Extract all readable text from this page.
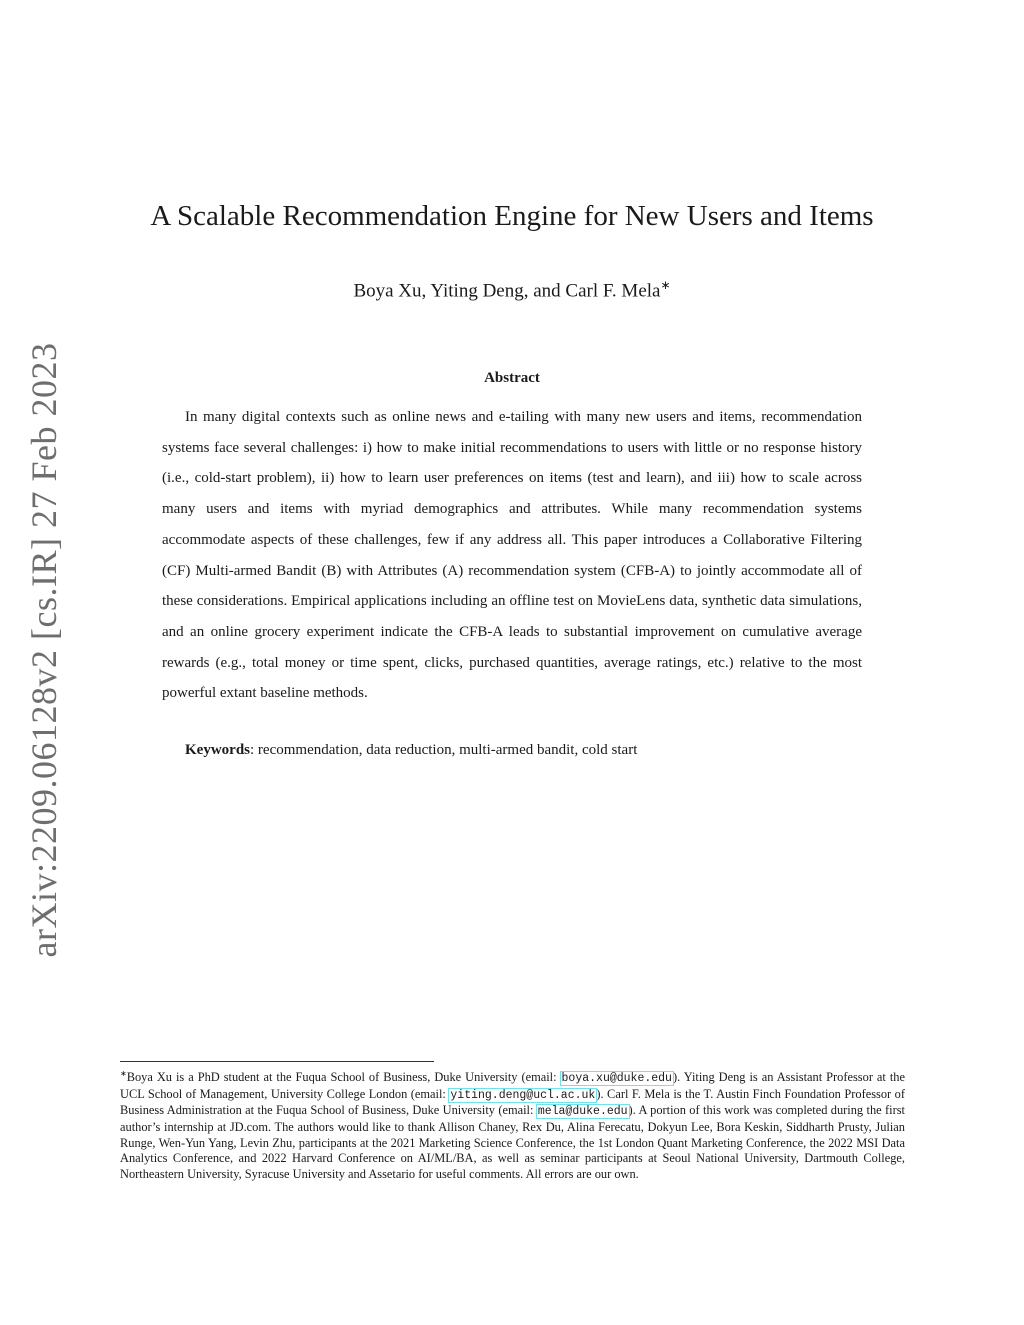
arXiv:2209.06128v2 [cs.IR] 27 Feb 2023
A Scalable Recommendation Engine for New Users and Items
Boya Xu, Yiting Deng, and Carl F. Mela∗
Abstract
In many digital contexts such as online news and e-tailing with many new users and items, recommendation systems face several challenges: i) how to make initial recommendations to users with little or no response history (i.e., cold-start problem), ii) how to learn user preferences on items (test and learn), and iii) how to scale across many users and items with myriad demographics and attributes. While many recommendation systems accommodate aspects of these challenges, few if any address all. This paper introduces a Collaborative Filtering (CF) Multi-armed Bandit (B) with Attributes (A) recommendation system (CFB-A) to jointly accommodate all of these considerations. Empirical applications including an offline test on MovieLens data, synthetic data simulations, and an online grocery experiment indicate the CFB-A leads to substantial improvement on cumulative average rewards (e.g., total money or time spent, clicks, purchased quantities, average ratings, etc.) relative to the most powerful extant baseline methods.
Keywords: recommendation, data reduction, multi-armed bandit, cold start
∗Boya Xu is a PhD student at the Fuqua School of Business, Duke University (email: boya.xu@duke.edu). Yiting Deng is an Assistant Professor at the UCL School of Management, University College London (email: yiting.deng@ucl.ac.uk). Carl F. Mela is the T. Austin Finch Foundation Professor of Business Administration at the Fuqua School of Business, Duke University (email: mela@duke.edu). A portion of this work was completed during the first author’s internship at JD.com. The authors would like to thank Allison Chaney, Rex Du, Alina Ferecatu, Dokyun Lee, Bora Keskin, Siddharth Prusty, Julian Runge, Wen-Yun Yang, Levin Zhu, participants at the 2021 Marketing Science Conference, the 1st London Quant Marketing Conference, the 2022 MSI Data Analytics Conference, and 2022 Harvard Conference on AI/ML/BA, as well as seminar participants at Seoul National University, Dartmouth College, Northeastern University, Syracuse University and Assetario for useful comments. All errors are our own.
